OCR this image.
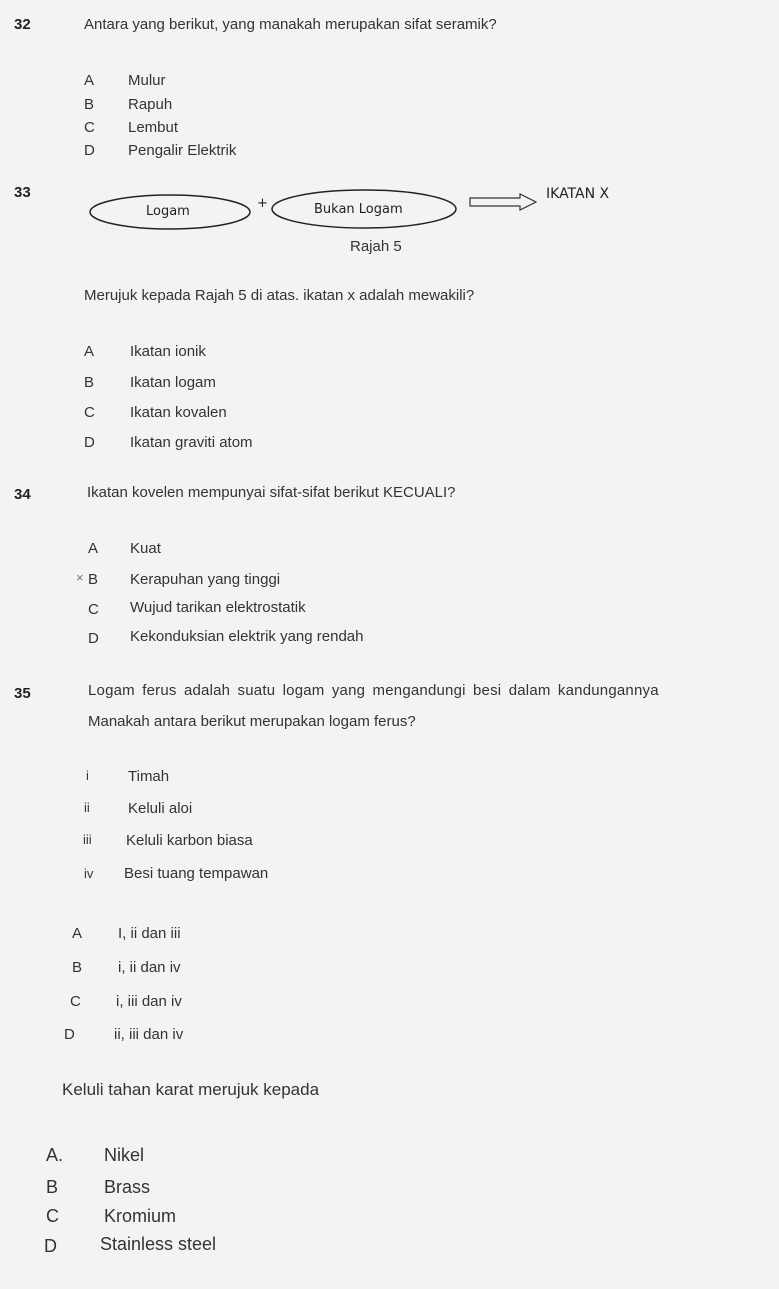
32	Antara yang berikut, yang manakah merupakan sifat seramik?
A Mulur
B Rapuh
C Lembut
D Pengalir Elektrik
33
Logam
+	Bukan Logam
IKATAN X
Rajah 5
Merujuk kepada Rajah 5 di atas. ikatan x adalah mewakili?
A Ikatan ionik
B Ikatan logam
C Ikatan kovalen
D Ikatan graviti atom
34	Ikatan kovelen mempunyai sifat-sifat berikut KECUALI?
A Kuat
× B Kerapuhan yang tinggi
C Wujud tarikan elektrostatik
D Kekonduksian elektrik yang rendah
35	Logam ferus adalah suatu logam yang mengandungi besi dalam kandungannya
Manakah antara berikut merupakan logam ferus?
i	Timah
ii	Keluli aloi
iii Keluli karbon biasa
iv Besi tuang tempawan
A I, ii dan iii
B i, ii dan iv
C i, iii dan iv
D	ii, iii dan iv
Keluli tahan karat merujuk kepada
A. Nikel
B	Brass
C	Kromium
D Stainless steel
